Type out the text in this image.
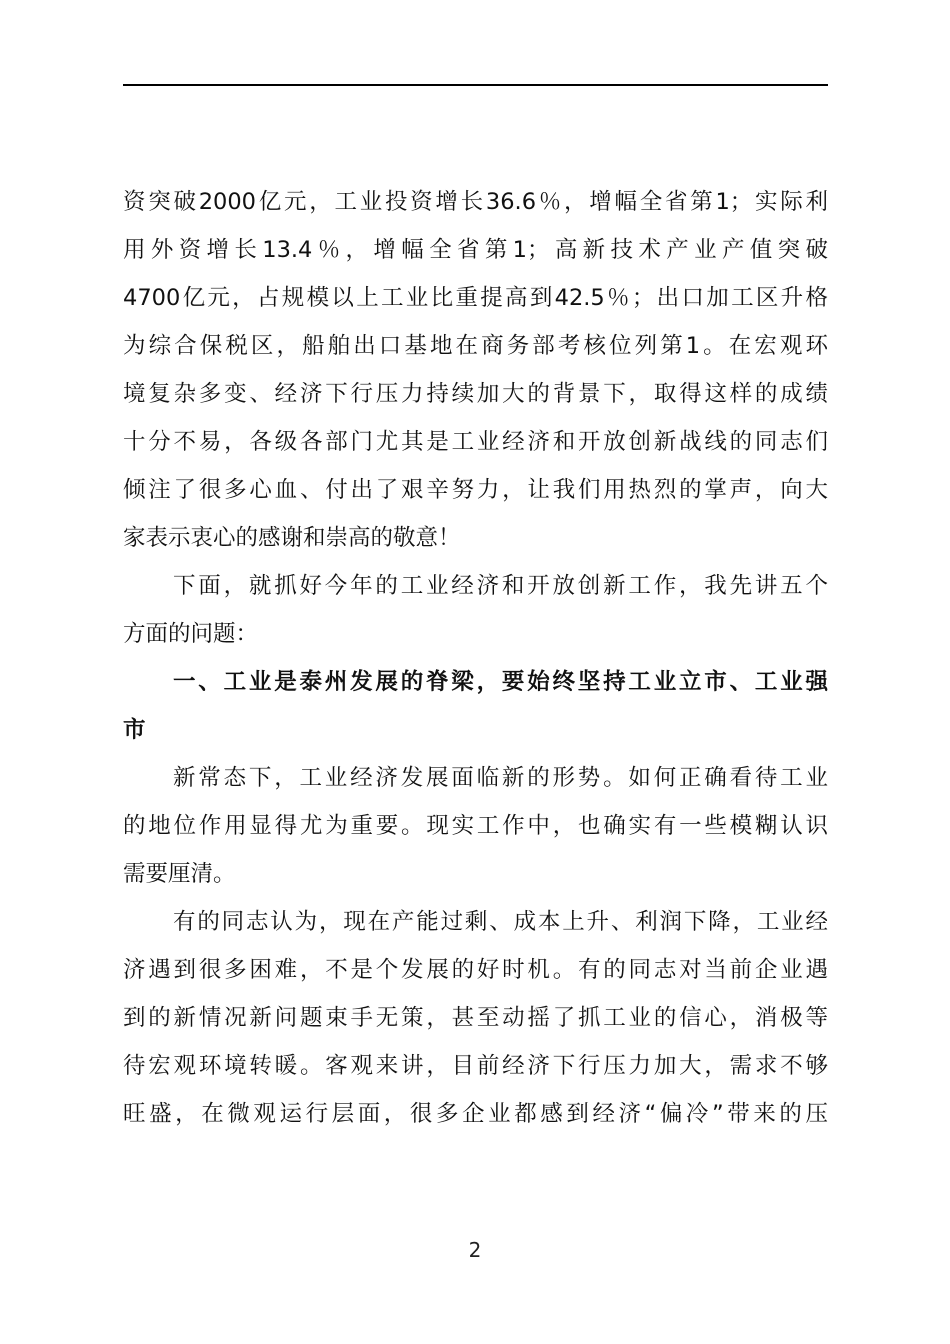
资突破2000亿元，工业投资增长36.6％，增幅全省第1；实际利
用外资增长13.4％，增幅全省第1；高新技术产业产值突破
4700亿元，占规模以上工业比重提高到42.5％；出口加工区升格
为综合保税区，船舶出口基地在商务部考核位列第1。在宏观环
境复杂多变、经济下行压力持续加大的背景下，取得这样的成绩
十分不易，各级各部门尤其是工业经济和开放创新战线的同志们
倾注了很多心血、付出了艰辛努力，让我们用热烈的掌声，向大
家表示衷心的感谢和崇高的敬意！
下面，就抓好今年的工业经济和开放创新工作，我先讲五个
方面的问题：
一、工业是泰州发展的脊梁，要始终坚持工业立市、工业强
市
新常态下，工业经济发展面临新的形势。如何正确看待工业
的地位作用显得尤为重要。现实工作中，也确实有一些模糊认识
需要厘清。
有的同志认为，现在产能过剩、成本上升、利润下降，工业经
济遇到很多困难，不是个发展的好时机。有的同志对当前企业遇
到的新情况新问题束手无策，甚至动摇了抓工业的信心，消极等
待宏观环境转暖。客观来讲，目前经济下行压力加大，需求不够
旺盛，在微观运行层面，很多企业都感到经济“偏冷”带来的压
2
